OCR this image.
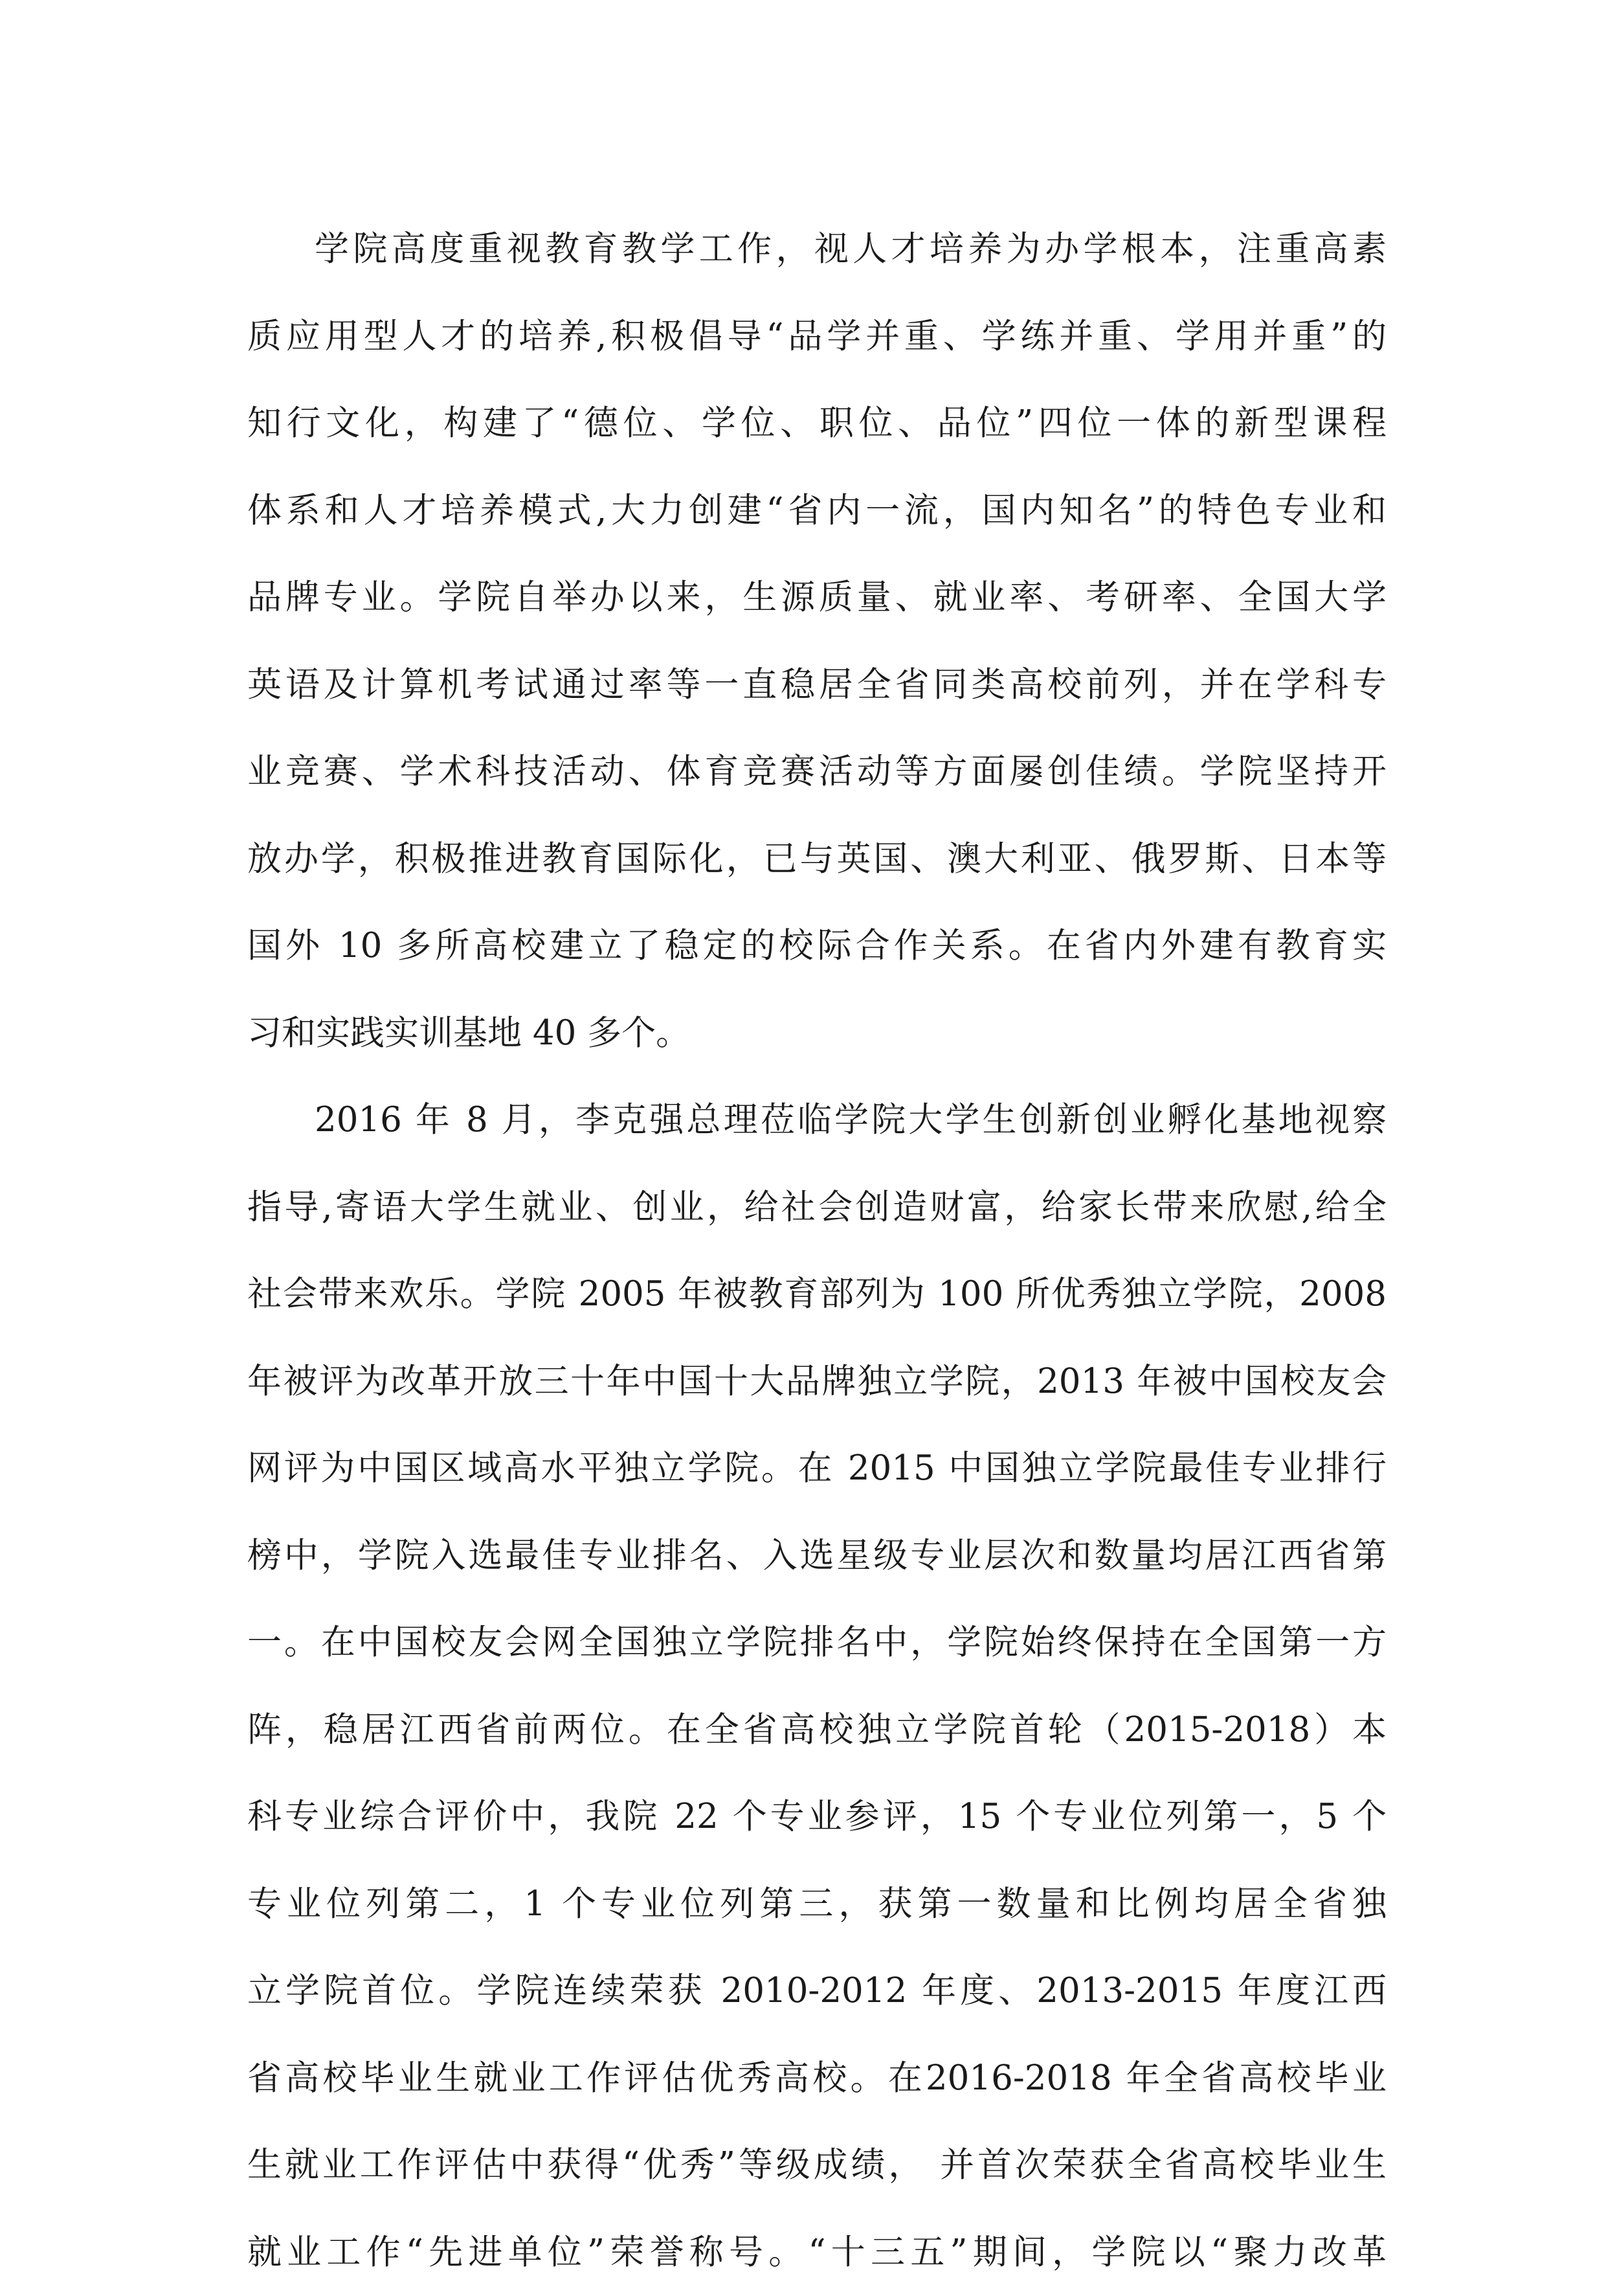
学院高度重视教育教学工作，视人才培养为办学根本，注重高素
质应用型人才的培养,积极倡导“品学并重、学练并重、学用并重”的
知行文化，构建了“德位、学位、职位、品位”四位一体的新型课程
体系和人才培养模式,大力创建“省内一流，国内知名”的特色专业和
品牌专业。学院自举办以来，生源质量、就业率、考研率、全国大学
英语及计算机考试通过率等一直稳居全省同类高校前列，并在学科专
业竞赛、学术科技活动、体育竞赛活动等方面屡创佳绩。学院坚持开
放办学，积极推进教育国际化，已与英国、澳大利亚、俄罗斯、日本等
国外 10 多所高校建立了稳定的校际合作关系。在省内外建有教育实
习和实践实训基地 40 多个。
2016 年 8 月，李克强总理莅临学院大学生创新创业孵化基地视察
指导,寄语大学生就业、创业，给社会创造财富，给家长带来欣慰,给全
社会带来欢乐。学院 2005 年被教育部列为 100 所优秀独立学院，2008
年被评为改革开放三十年中国十大品牌独立学院，2013 年被中国校友会
网评为中国区域高水平独立学院。在 2015 中国独立学院最佳专业排行
榜中，学院入选最佳专业排名、入选星级专业层次和数量均居江西省第
一。在中国校友会网全国独立学院排名中，学院始终保持在全国第一方
阵，稳居江西省前两位。在全省高校独立学院首轮（2015-2018）本
科专业综合评价中，我院 22 个专业参评，15 个专业位列第一，5 个
专业位列第二，1 个专业位列第三，获第一数量和比例均居全省独
立学院首位。学院连续荣获 2010-2012 年度、2013-2015 年度江西
省高校毕业生就业工作评估优秀高校。在2016-2018 年全省高校毕业
生就业工作评估中获得“优秀”等级成绩， 并首次荣获全省高校毕业生
就业工作“先进单位”荣誉称号。“十三五”期间，学院以“聚力改革
